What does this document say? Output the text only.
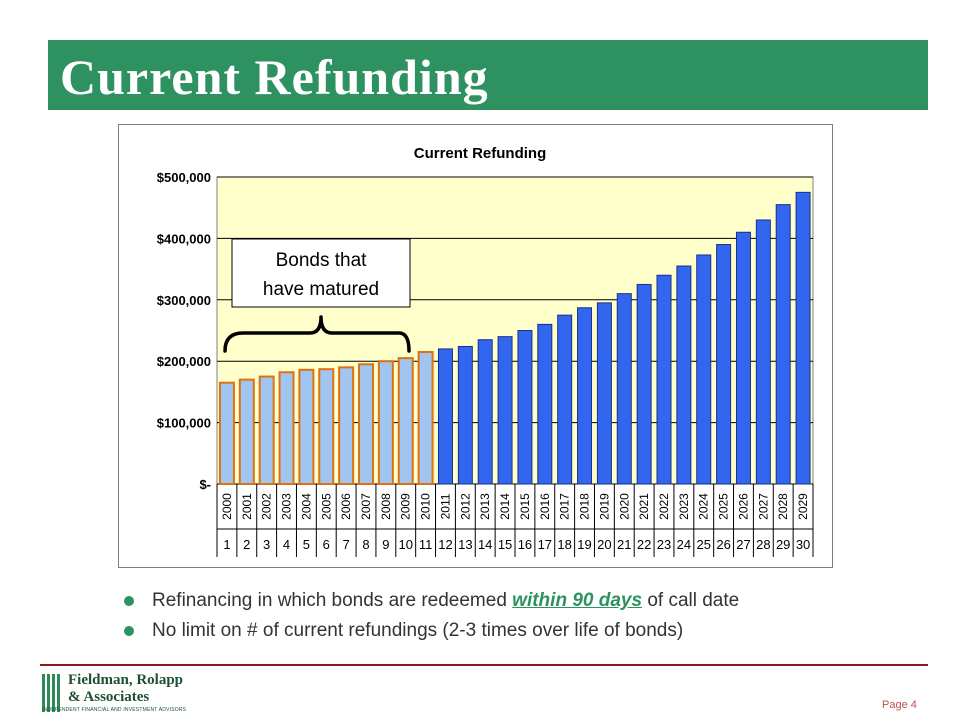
Current Refunding
Current Refunding
$-
$100,000
$200,000
$300,000
$400,000
$500,000
2000
1
2001
2
2002
3
2003
4
2004
5
2005
6
2006
7
2007
8
2008
9
2009
10
2010
11
2011
12
2012
13
2013
14
2014
15
2015
16
2016
17
2017
18
2018
19
2019
20
2020
21
2021
22
2022
23
2023
24
2024
25
2025
26
2026
27
2027
28
2028
29
2029
30
Bonds that
have matured
Refinancing in which bonds are redeemed within 90 days of call date
No limit on # of current refundings (2-3 times over life of bonds)
Fieldman, Rolapp
& Associates
INDEPENDENT FINANCIAL AND INVESTMENT ADVISORS	Page 4
